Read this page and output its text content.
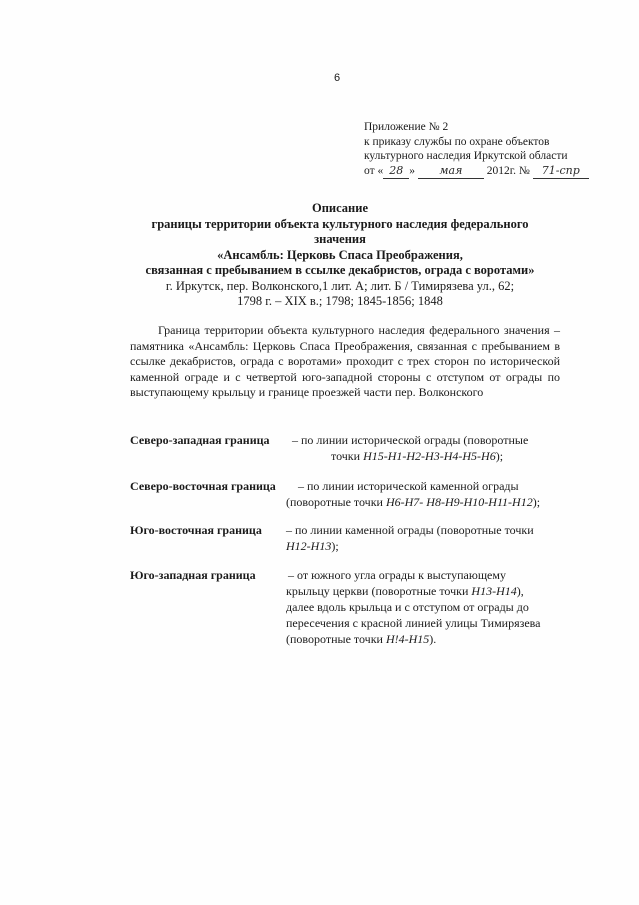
6
Приложение № 2
к приказу службы по охране объектов
культурного наследия Иркутской области
от « 28 » мая 2012г. № 71-спр
Описание
границы территории объекта культурного наследия федерального
значения
«Ансамбль: Церковь Спаса Преображения,
связанная с пребыванием в ссылке декабристов, ограда с воротами»
г. Иркутск, пер. Волконского,1 лит. А; лит. Б / Тимирязева ул., 62;
1798 г. – XIX в.; 1798; 1845-1856; 1848
Граница территории объекта культурного наследия федерального значения – памятника «Ансамбль: Церковь Спаса Преображения, связанная с пребыванием в ссылке декабристов, ограда с воротами» проходит с трех сторон по исторической каменной ограде и с четвертой юго-западной стороны с отступом от ограды по выступающему крыльцу и границе проезжей части пер. Волконского
Северо-западная граница – по линии исторической ограды (поворотные
точки Н15-Н1-Н2-Н3-Н4-Н5-Н6);
Северо-восточная граница – по линии исторической каменной ограды
(поворотные точки Н6-Н7- Н8-Н9-Н10-Н11-Н12);
Юго-восточная граница – по линии каменной ограды (поворотные точки
Н12-Н13);
Юго-западная граница	– от южного угла ограды к выступающему
крыльцу церкви (поворотные точки Н13-Н14),
далее вдоль крыльца и с отступом от ограды до
пересечения с красной линией улицы Тимирязева
(поворотные точки Н!4-Н15).
